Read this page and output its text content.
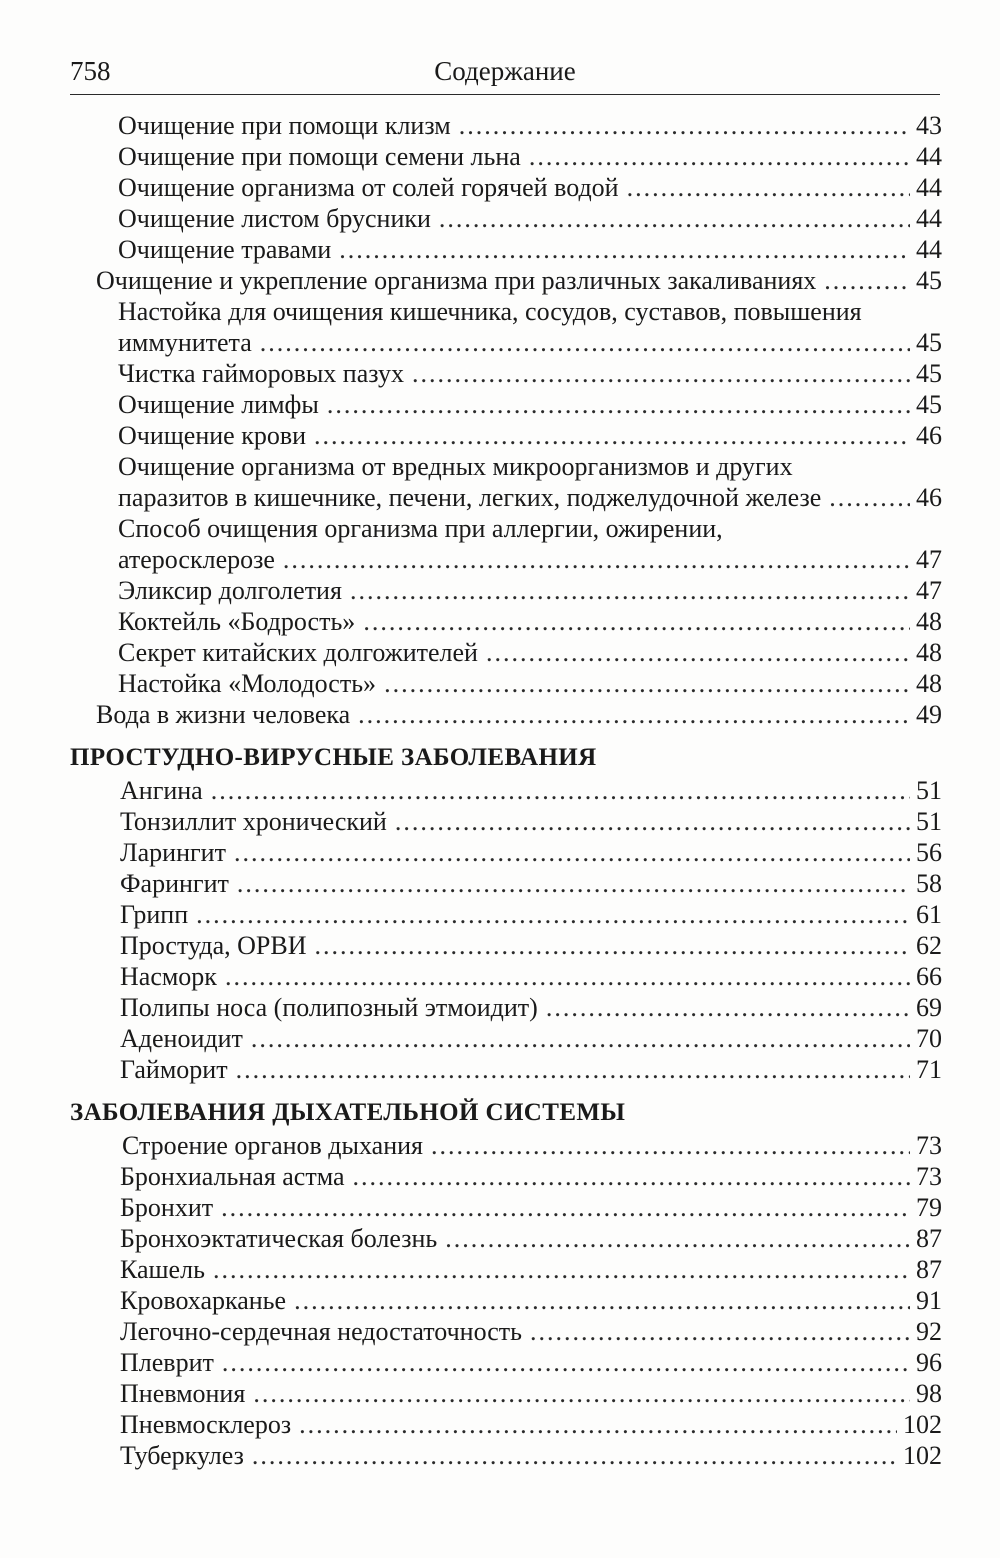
758	Содержание
Очищение при помощи клизм .....	43
Очищение при помощи семени льна .....	44
Очищение организма от солей горячей водой .....	44
Очищение листом брусники .....	44
Очищение травами .....	44
Очищение и укрепление организма при различных закаливаниях .....	45
Настойка для очищения кишечника, сосудов, суставов, повышения
иммунитета .....	45
Чистка гайморовых пазух .....	45
Очищение лимфы .....	45
Очищение крови .....	46
Очищение организма от вредных микроорганизмов и других
паразитов в кишечнике, печени, легких, поджелудочной железе .....	46
Способ очищения организма при аллергии, ожирении,
атеросклерозе .....	47
Эликсир долголетия .....	47
Коктейль «Бодрость» .....	48
Секрет китайских долгожителей .....	48
Настойка «Молодость» .....	48
Вода в жизни человека .....	49
ПРОСТУДНО-ВИРУСНЫЕ ЗАБОЛЕВАНИЯ
Ангина .....	51
Тонзиллит хронический .....	51
Ларингит .....	56
Фарингит .....	58
Грипп .....	61
Простуда, ОРВИ .....	62
Насморк .....	66
Полипы носа (полипозный этмоидит) .....	69
Аденоидит .....	70
Гайморит .....	71
ЗАБОЛЕВАНИЯ ДЫХАТЕЛЬНОЙ СИСТЕМЫ
Строение органов дыхания .....	73
Бронхиальная астма .....	73
Бронхит .....	79
Бронхоэктатическая болезнь .....	87
Кашель .....	87
Кровохарканье .....	91
Легочно-сердечная недостаточность .....	92
Плеврит .....	96
Пневмония .....	98
Пневмосклероз .....	102
Туберкулез .....	102
